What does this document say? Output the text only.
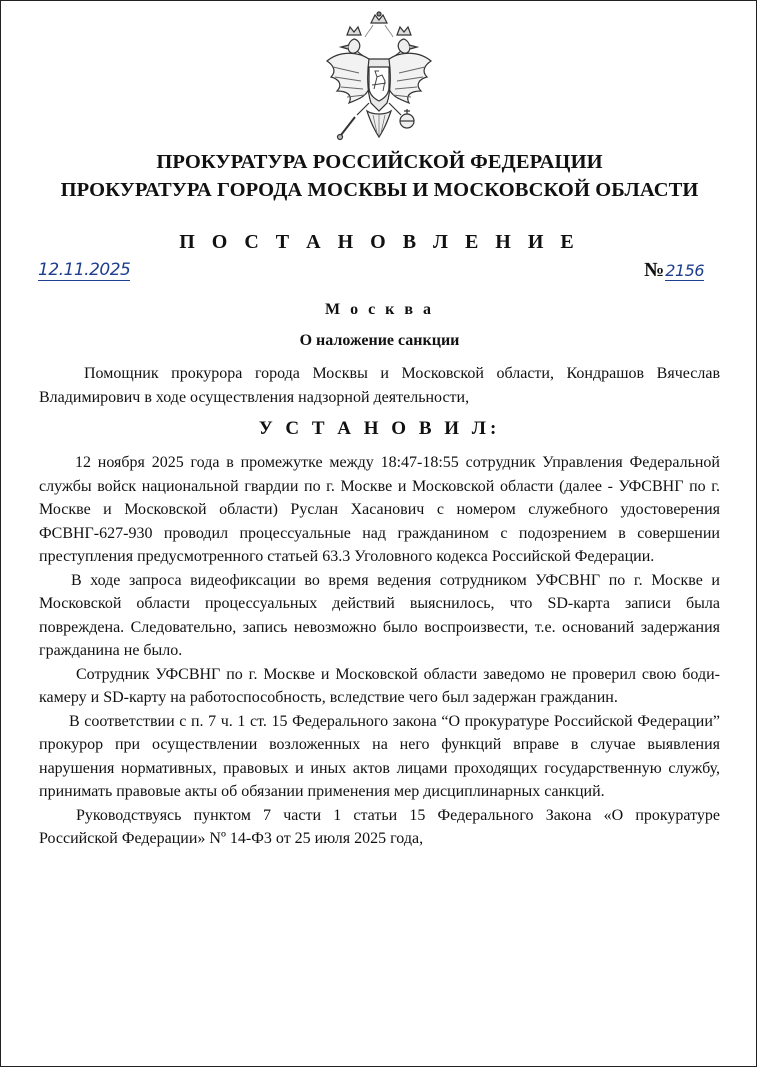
ПРОКУРАТУРА РОССИЙСКОЙ ФЕДЕРАЦИИ
ПРОКУРАТУРА ГОРОДА МОСКВЫ И МОСКОВСКОЙ ОБЛАСТИ
П О С Т А Н О В Л Е Н И Е
12.11.2025	№2156
М о с к в а
О наложение санкции

Помощник прокурора города Москвы и Московской области, Кондрашов Вячеслав Владимирович в ходе осуществления надзорной деятельности,

У С Т А Н О В И Л:

12 ноября 2025 года в промежутке между 18:47-18:55 сотрудник Управления Федеральной службы войск национальной гвардии по г. Москве и Московской области (далее - УФСВНГ по г. Москве и Московской области) Руслан Хасанович с номером служебного удостоверения ФСВНГ-627-930 проводил процессуальные над гражданином с подозрением в совершении преступления предусмотренного статьей 63.3 Уголовного кодекса Российской Федерации.

В ходе запроса видеофиксации во время ведения сотрудником УФСВНГ по г. Москве и Московской области процессуальных действий выяснилось, что SD-карта записи была повреждена. Следовательно, запись невозможно было воспроизвести, т.е. оснований задержания гражданина не было.

Сотрудник УФСВНГ по г. Москве и Московской области заведомо не проверил свою боди-камеру и SD-карту на работоспособность, вследствие чего был задержан гражданин.

В соответствии с п. 7 ч. 1 ст. 15 Федерального закона “О прокуратуре Российской Федерации” прокурор при осуществлении возложенных на него функций вправе в случае выявления нарушения нормативных, правовых и иных актов лицами проходящих государственную службу, принимать правовые акты об обязании применения мер дисциплинарных санкций.

Руководствуясь пунктом 7 части 1 статьи 15 Федерального Закона «О прокуратуре Российской Федерации» Nº 14-Ф3 от 25 июля 2025 года,
